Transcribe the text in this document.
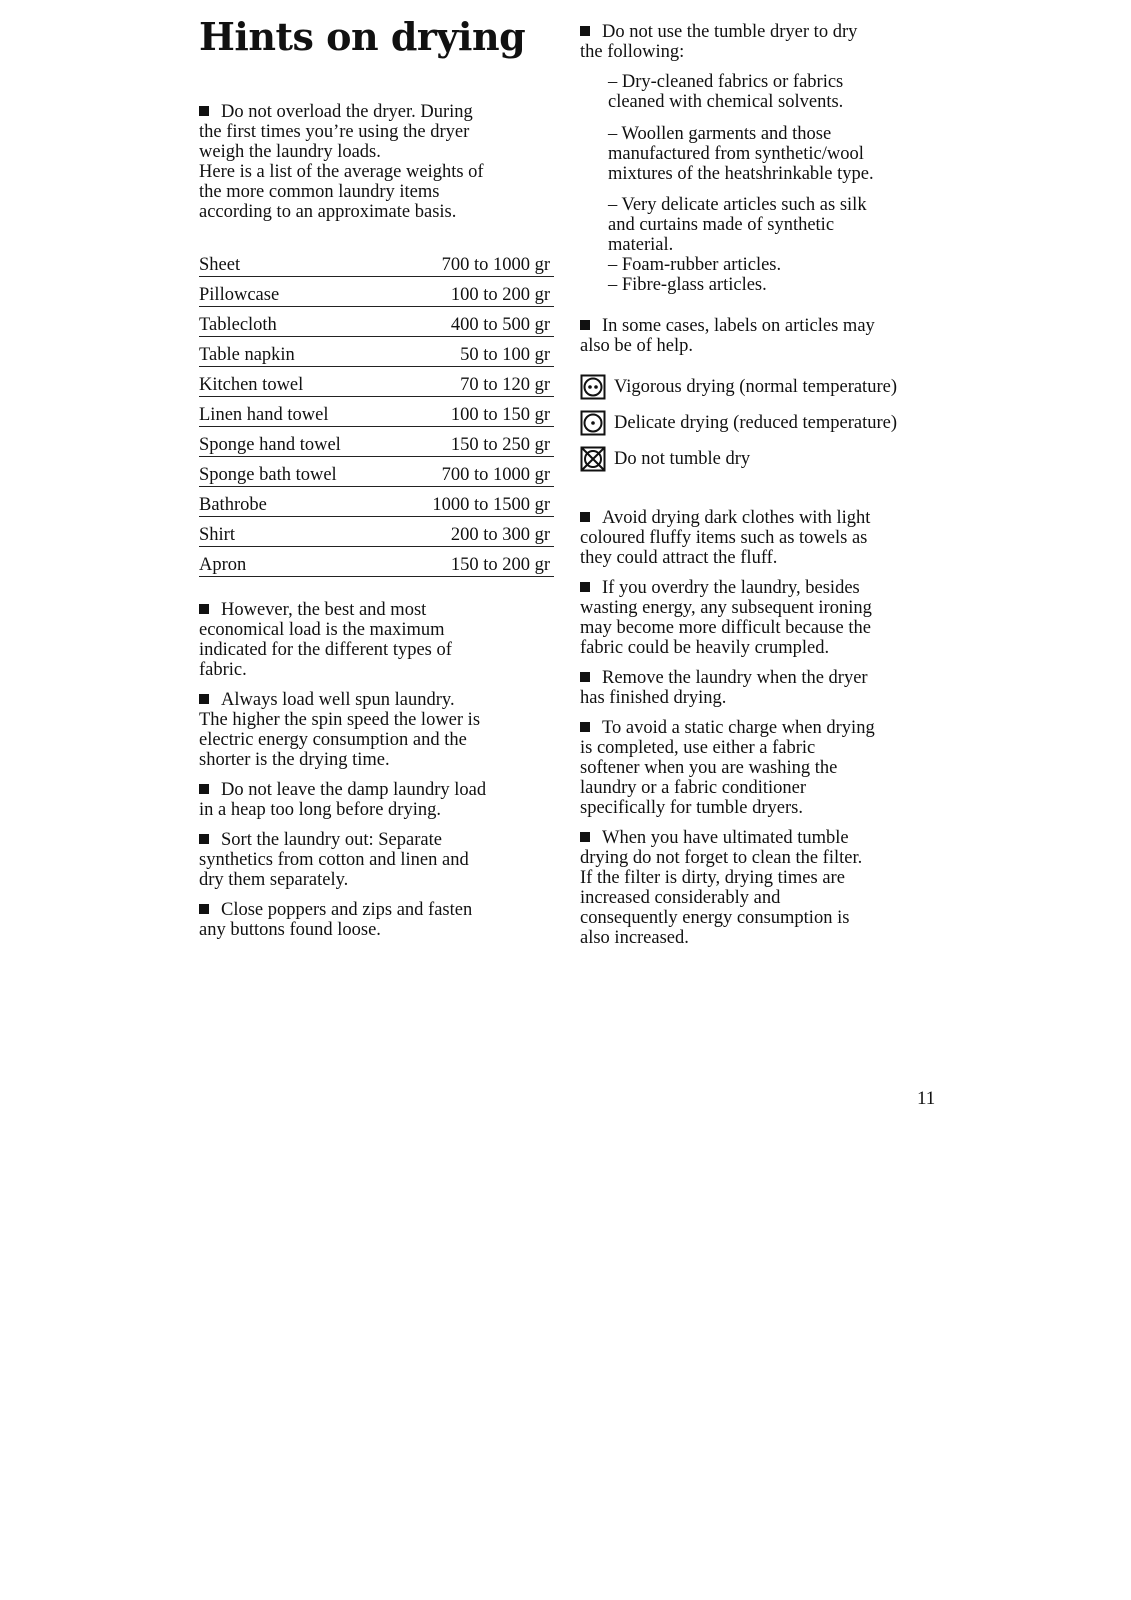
Hints on drying

Do not overload the dryer. During
the first times you’re using the dryer
weigh the laundry loads.
Here is a list of the average weights of
the more common laundry items
according to an approximate basis.

Sheet	700 to 1000 gr
Pillowcase	100 to 200 gr
Tablecloth	400 to 500 gr
Table napkin	50 to 100 gr
Kitchen towel	70 to 120 gr
Linen hand towel	100 to 150 gr
Sponge hand towel	150 to 250 gr
Sponge bath towel	700 to 1000 gr
Bathrobe	1000 to 1500 gr
Shirt	200 to 300 gr
Apron	150 to 200 gr

However, the best and most
economical load is the maximum
indicated for the different types of
fabric.

Always load well spun laundry.
The higher the spin speed the lower is
electric energy consumption and the
shorter is the drying time.

Do not leave the damp laundry load
in a heap too long before drying.

Sort the laundry out: Separate
synthetics from cotton and linen and
dry them separately.

Close poppers and zips and fasten
any buttons found loose.

Do not use the tumble dryer to dry
the following:

– Dry-cleaned fabrics or fabrics
cleaned with chemical solvents.

– Woollen garments and those
manufactured from synthetic/wool
mixtures of the heatshrinkable type.

– Very delicate articles such as silk
and curtains made of synthetic
material.
– Foam-rubber articles.
– Fibre-glass articles.

In some cases, labels on articles may
also be of help.

Vigorous drying (normal temperature)
Delicate drying (reduced temperature)
Do not tumble dry

Avoid drying dark clothes with light
coloured fluffy items such as towels as
they could attract the fluff.

If you overdry the laundry, besides
wasting energy, any subsequent ironing
may become more difficult because the
fabric could be heavily crumpled.

Remove the laundry when the dryer
has finished drying.

To avoid a static charge when drying
is completed, use either a fabric
softener when you are washing the
laundry or a fabric conditioner
specifically for tumble dryers.

When you have ultimated tumble
drying do not forget to clean the filter.
If the filter is dirty, drying times are
increased considerably and
consequently energy consumption is
also increased.

11
